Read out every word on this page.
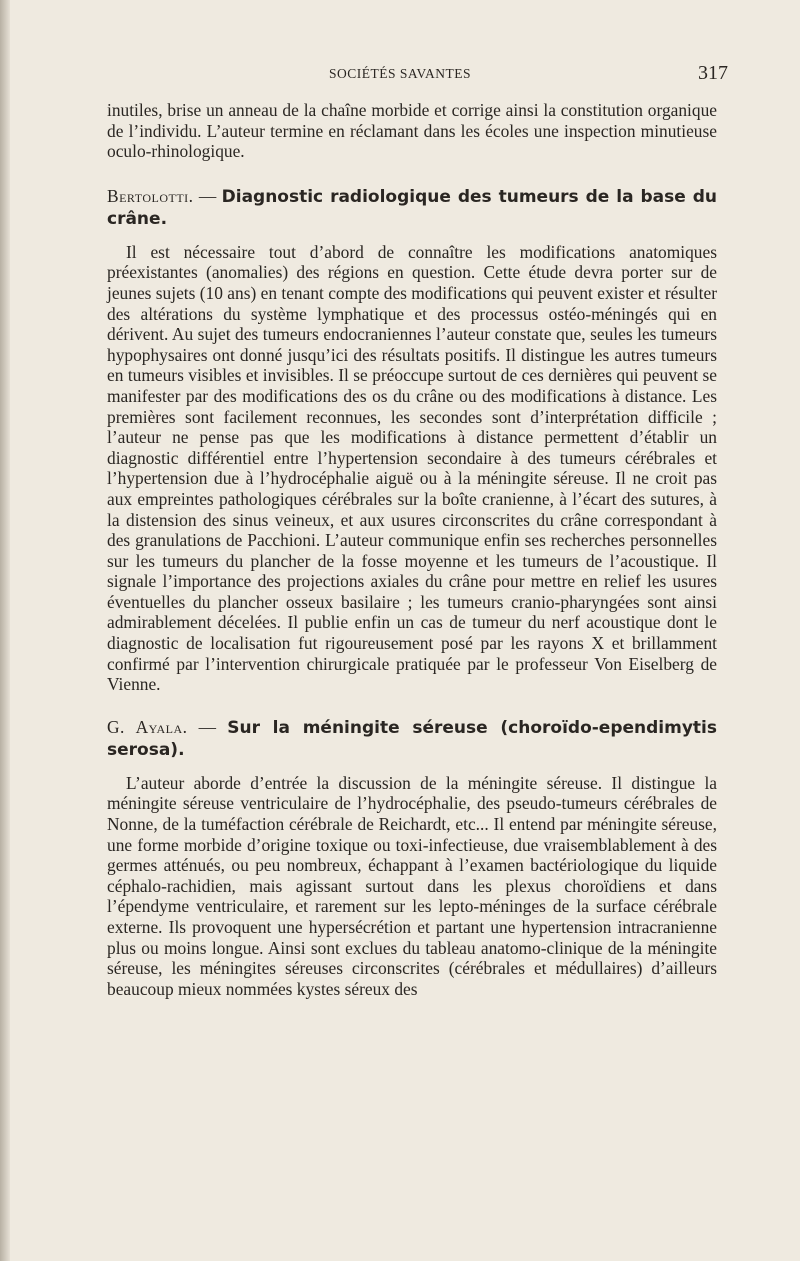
SOCIÉTÉS SAVANTES	317

inutiles, brise un anneau de la chaîne morbide et corrige ainsi la constitution organique de l’individu. L’auteur termine en réclamant dans les écoles une inspection minutieuse oculo-rhinologique.

Bertolotti. — Diagnostic radiologique des tumeurs de la base du crâne.

Il est nécessaire tout d’abord de connaître les modifications anatomiques préexistantes (anomalies) des régions en question. Cette étude devra porter sur de jeunes sujets (10 ans) en tenant compte des modifications qui peuvent exister et résulter des altérations du système lymphatique et des processus ostéo-méningés qui en dérivent. Au sujet des tumeurs endocraniennes l’auteur constate que, seules les tumeurs hypophysaires ont donné jusqu’ici des résultats positifs. Il distingue les autres tumeurs en tumeurs visibles et invisibles. Il se préoccupe surtout de ces dernières qui peuvent se manifester par des modifications des os du crâne ou des modifications à distance. Les premières sont facilement reconnues, les secondes sont d’interprétation difficile ; l’auteur ne pense pas que les modifications à distance permettent d’établir un diagnostic différentiel entre l’hypertension secondaire à des tumeurs cérébrales et l’hypertension due à l’hydrocéphalie aiguë ou à la méningite séreuse. Il ne croit pas aux empreintes pathologiques cérébrales sur la boîte cranienne, à l’écart des sutures, à la distension des sinus veineux, et aux usures circonscrites du crâne correspondant à des granulations de Pacchioni. L’auteur communique enfin ses recherches personnelles sur les tumeurs du plancher de la fosse moyenne et les tumeurs de l’acoustique. Il signale l’importance des projections axiales du crâne pour mettre en relief les usures éventuelles du plancher osseux basilaire ; les tumeurs cranio-pharyngées sont ainsi admirablement décelées. Il publie enfin un cas de tumeur du nerf acoustique dont le diagnostic de localisation fut rigoureusement posé par les rayons X et brillamment confirmé par l’intervention chirurgicale pratiquée par le professeur Von Eiselberg de Vienne.

G. Ayala. — Sur la méningite séreuse (choroïdo-ependimytis serosa).

L’auteur aborde d’entrée la discussion de la méningite séreuse. Il distingue la méningite séreuse ventriculaire de l’hydrocéphalie, des pseudo-tumeurs cérébrales de Nonne, de la tuméfaction cérébrale de Reichardt, etc... Il entend par méningite séreuse, une forme morbide d’origine toxique ou toxi-infectieuse, due vraisemblablement à des germes atténués, ou peu nombreux, échappant à l’examen bactériologique du liquide céphalo-rachidien, mais agissant surtout dans les plexus choroïdiens et dans l’épendyme ventriculaire, et rarement sur les lepto-méninges de la surface cérébrale externe. Ils provoquent une hypersécrétion et partant une hypertension intracranienne plus ou moins longue. Ainsi sont exclues du tableau anatomo-clinique de la méningite séreuse, les méningites séreuses circonscrites (cérébrales et médullaires) d’ailleurs beaucoup mieux nommées kystes séreux des
